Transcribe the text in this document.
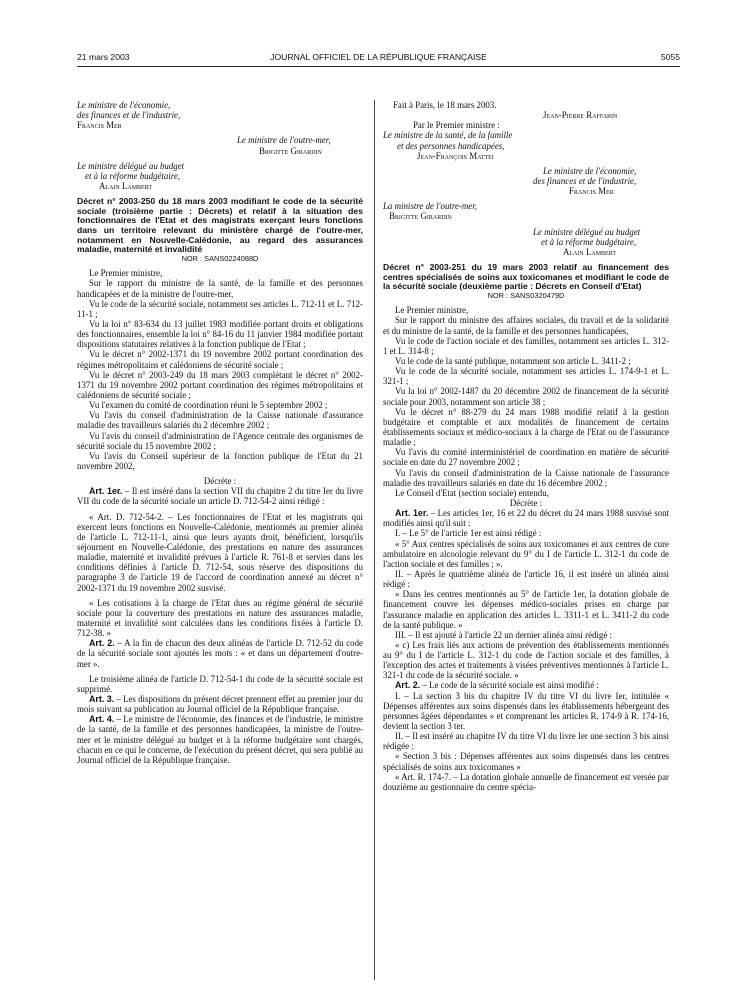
21 mars 2003	JOURNAL OFFICIEL DE LA RÉPUBLIQUE FRANÇAISE	5055

Le ministre de l'économie,

des finances et de l'industrie,

Francis Mer

Le ministre de l'outre-mer,

Brigitte Girardin

Le ministre délégué au budget

et à la réforme budgétaire,

Alain Lambert

Décret n° 2003-250 du 18 mars 2003 modifiant le code de la sécurité sociale (troisième partie : Décrets) et relatif à la situation des fonctionnaires de l'Etat et des magistrats exerçant leurs fonctions dans un territoire relevant du ministère chargé de l'outre-mer, notamment en Nouvelle-Calédonie, au regard des assurances maladie, maternité et invalidité

NOR : SANS0224088D

Le Premier ministre,

Sur le rapport du ministre de la santé, de la famille et des personnes handicapées et de la ministre de l'outre-mer,

Vu le code de la sécurité sociale, notamment ses articles L. 712-11 et L. 712-11-1 ;

Vu la loi n° 83-634 du 13 juillet 1983 modifiée portant droits et obligations des fonctionnaires, ensemble la loi n° 84-16 du 11 janvier 1984 modifiée portant dispositions statutaires relatives à la fonction publique de l'Etat ;

Vu le décret n° 2002-1371 du 19 novembre 2002 portant coordination des régimes métropolitains et calédoniens de sécurité sociale ;

Vu le décret n° 2003-249 du 18 mars 2003 complétant le décret n° 2002-1371 du 19 novembre 2002 portant coordination des régimes métropolitains et calédoniens de sécurité sociale ;

Vu l'examen du comité de coordination réuni le 5 septembre 2002 ;

Vu l'avis du conseil d'administration de la Caisse nationale d'assurance maladie des travailleurs salariés du 2 décembre 2002 ;

Vu l'avis du conseil d'administration de l'Agence centrale des organismes de sécurité sociale du 15 novembre 2002 ;

Vu l'avis du Conseil supérieur de la fonction publique de l'Etat du 21 novembre 2002,

Décrète :

Art. 1er. – Il est inséré dans la section VII du chapitre 2 du titre Ier du livre VII du code de la sécurité sociale un article D. 712-54-2 ainsi rédigé :

« Art. D. 712-54-2. – Les fonctionnaires de l'Etat et les magistrats qui exercent leurs fonctions en Nouvelle-Calédonie, mentionnés au premier alinéa de l'article L. 712-11-1, ainsi que leurs ayants droit, bénéficient, lorsqu'ils séjournent en Nouvelle-Calédonie, des prestations en nature des assurances maladie, maternité et invalidité prévues à l'article R. 761-8 et servies dans les conditions définies à l'article D. 712-54, sous réserve des dispositions du paragraphe 3 de l'article 19 de l'accord de coordination annexé au décret n° 2002-1371 du 19 novembre 2002 susvisé.

« Les cotisations à la charge de l'Etat dues au régime général de sécurité sociale pour la couverture des prestations en nature des assurances maladie, maternité et invalidité sont calculées dans les conditions fixées à l'article D. 712-38. »

Art. 2. – A la fin de chacun des deux alinéas de l'article D. 712-52 du code de la sécurité sociale sont ajoutés les mots : « et dans un département d'outre-mer ».

Le troisième alinéa de l'article D. 712-54-1 du code de la sécurité sociale est supprimé.

Art. 3. – Les dispositions du présent décret prennent effet au premier jour du mois suivant sa publication au Journal officiel de la République française.

Art. 4. – Le ministre de l'économie, des finances et de l'industrie, le ministre de la santé, de la famille et des personnes handicapées, la ministre de l'outre-mer et le ministre délégué au budget et à la réforme budgétaire sont chargés, chacun en ce qui le concerne, de l'exécution du présent décret, qui sera publié au Journal officiel de la République française.

Fait à Paris, le 18 mars 2003.

Jean-Pierre Raffarin

Par le Premier ministre :

Le ministre de la santé, de la famille

et des personnes handicapées,

Jean-François Mattei

Le ministre de l'économie,

des finances et de l'industrie,

Francis Mer

La ministre de l'outre-mer,

Brigitte Girardin

Le ministre délégué au budget

et à la réforme budgétaire,

Alain Lambert

Décret n° 2003-251 du 19 mars 2003 relatif au financement des centres spécialisés de soins aux toxicomanes et modifiant le code de la sécurité sociale (deuxième partie : Décrets en Conseil d'Etat)

NOR : SANS0320479D

Le Premier ministre,

Sur le rapport du ministre des affaires sociales, du travail et de la solidarité et du ministre de la santé, de la famille et des personnes handicapées,

Vu le code de l'action sociale et des familles, notamment ses articles L. 312-1 et L. 314-8 ;

Vu le code de la santé publique, notamment son article L. 3411-2 ;

Vu le code de la sécurité sociale, notamment ses articles L. 174-9-1 et L. 321-1 ;

Vu la loi n° 2002-1487 du 20 décembre 2002 de financement de la sécurité sociale pour 2003, notamment son article 38 ;

Vu le décret n° 88-279 du 24 mars 1988 modifié relatif à la gestion budgétaire et comptable et aux modalités de financement de certains établissements sociaux et médico-sociaux à la charge de l'Etat ou de l'assurance maladie ;

Vu l'avis du comité interministériel de coordination en matière de sécurité sociale en date du 27 novembre 2002 ;

Vu l'avis du conseil d'administration de la Caisse nationale de l'assurance maladie des travailleurs salariés en date du 16 décembre 2002 ;

Le Conseil d'Etat (section sociale) entendu,

Décrète :

Art. 1er. – Les articles 1er, 16 et 22 du décret du 24 mars 1988 susvisé sont modifiés ainsi qu'il suit :

I. – Le 5° de l'article 1er est ainsi rédigé :

« 5° Aux centres spécialisés de soins aux toxicomanes et aux centres de cure ambulatoire en alcoologie relevant du 9° du I de l'article L. 312-1 du code de l'action sociale et des familles ; ».

II. – Après le quatrième alinéa de l'article 16, il est inséré un alinéa ainsi rédigé :

« Dans les centres mentionnés au 5° de l'article 1er, la dotation globale de financement couvre les dépenses médico-sociales prises en charge par l'assurance maladie en application des articles L. 3311-1 et L. 3411-2 du code de la santé publique. »

III. – Il est ajouté à l'article 22 un dernier alinéa ainsi rédigé :

« c) Les frais liés aux actions de prévention des établissements mentionnés au 9° du I de l'article L. 312-1 du code de l'action sociale et des familles, à l'exception des actes et traitements à visées préventives mentionnés à l'article L. 321-1 du code de la sécurité sociale. »

Art. 2. – Le code de la sécurité sociale est ainsi modifié :

I. – La section 3 bis du chapitre IV du titre VI du livre Ier, intitulée « Dépenses afférentes aux soins dispensés dans les établissements hébergeant des personnes âgées dépendantes » et comprenant les articles R. 174-9 à R. 174-16, devient la section 3 ter.

II. – Il est inséré au chapitre IV du titre VI du livre Ier une section 3 bis ainsi rédigée :

« Section 3 bis : Dépenses afférentes aux soins dispensés dans les centres spécialisés de soins aux toxicomanes »

« Art. R. 174-7. – La dotation globale annuelle de financement est versée par douzième au gestionnaire du centre spécia-
